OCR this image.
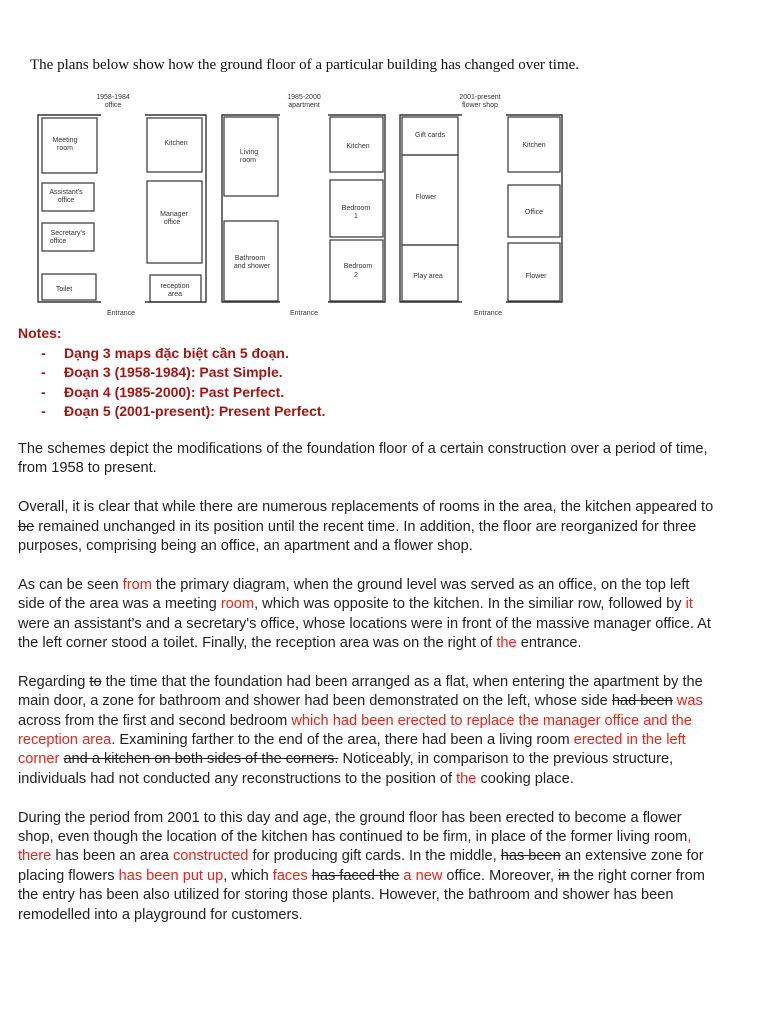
The plans below show how the ground floor of a particular building has changed over time.
1958-1984
office
Meeting
room
Kitchen
Assistant's
office
Secretary's
office
Manager
office
Toilet	reception
area
Entrance
1985-2000
apartment
Living
room
Kitchen
Bedroom
1
Bathroom
and shower	Bedroom
2
Entrance
2001-present
flower shop
Gift cards
Kitchen
Flower
Office
Play area	Flower
Entrance
Notes:
- Dạng 3 maps đặc biệt cần 5 đoạn.
- Đoạn 3 (1958-1984): Past Simple.
- Đoạn 4 (1985-2000): Past Perfect.
- Đoạn 5 (2001-present): Present Perfect.

The schemes depict the modifications of the foundation floor of a certain construction over a period of time, from 1958 to present.

Overall, it is clear that while there are numerous replacements of rooms in the area, the kitchen appeared to be remained unchanged in its position until the recent time. In addition, the floor are reorganized for three purposes, comprising being an office, an apartment and a flower shop.

As can be seen from the primary diagram, when the ground level was served as an office, on the top left side of the area was a meeting room, which was opposite to the kitchen. In the similiar row, followed by it were an assistant's and a secretary's office, whose locations were in front of the massive manager office. At the left corner stood a toilet. Finally, the reception area was on the right of the entrance.

Regarding to the time that the foundation had been arranged as a flat, when entering the apartment by the main door, a zone for bathroom and shower had been demonstrated on the left, whose side had been was across from the first and second bedroom which had been erected to replace the manager office and the reception area. Examining farther to the end of the area, there had been a living room erected in the left corner and a kitchen on both sides of the corners. Noticeably, in comparison to the previous structure, individuals had not conducted any reconstructions to the position of the cooking place.

During the period from 2001 to this day and age, the ground floor has been erected to become a flower shop, even though the location of the kitchen has continued to be firm, in place of the former living room, there has been an area constructed for producing gift cards. In the middle, has been an extensive zone for placing flowers has been put up, which faces has faced the a new office. Moreover, in the right corner from the entry has been also utilized for storing those plants. However, the bathroom and shower has been remodelled into a playground for customers.
